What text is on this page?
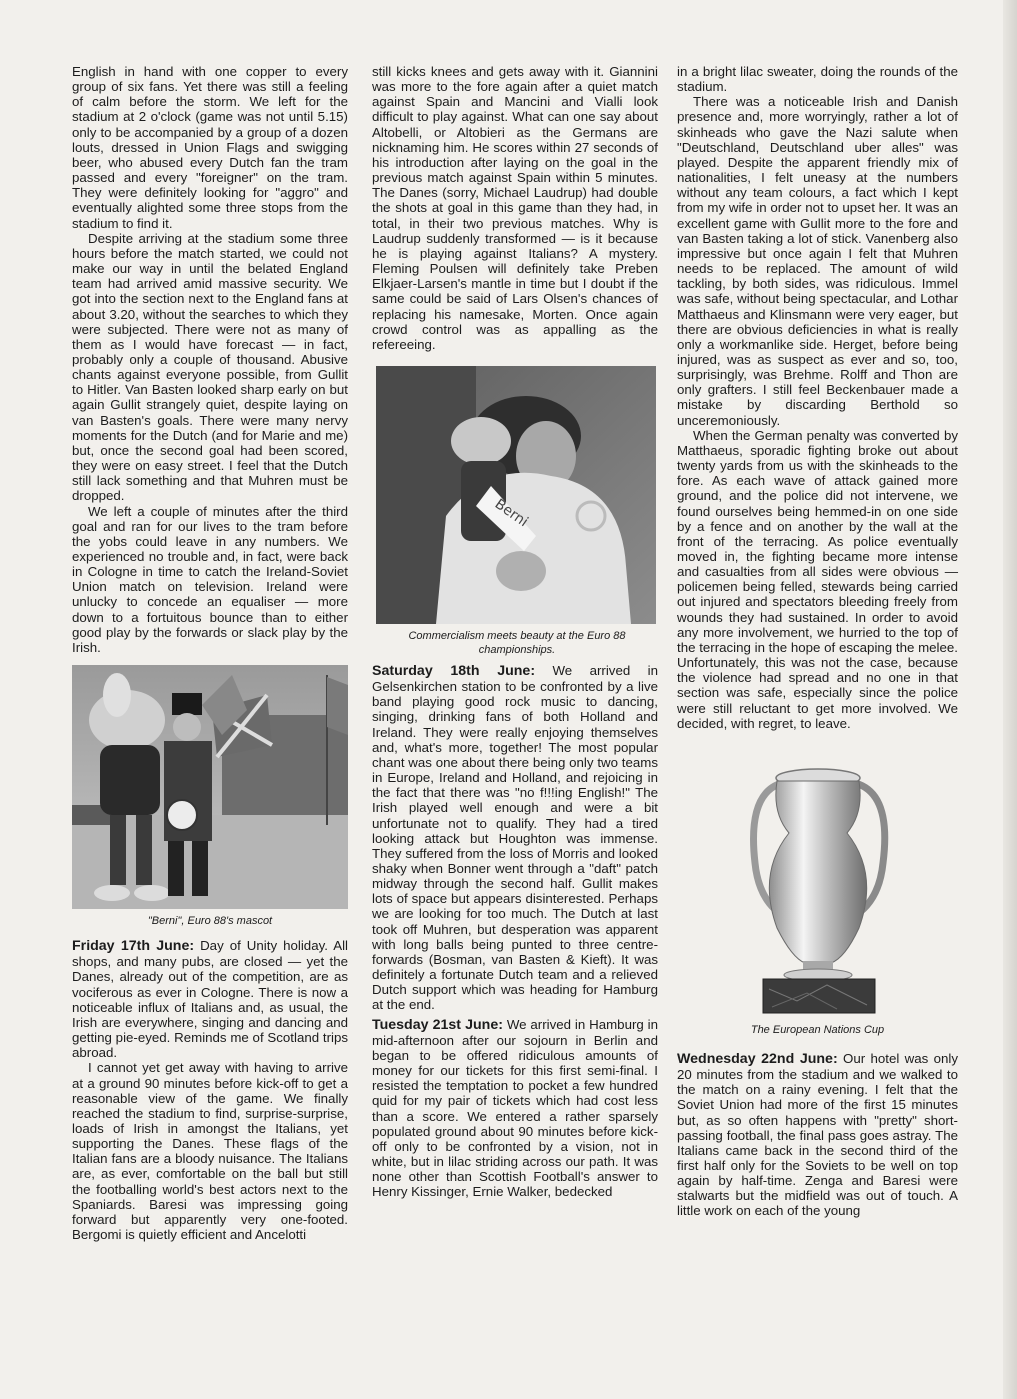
English in hand with one copper to every group of six fans. Yet there was still a feeling of calm before the storm. We left for the stadium at 2 o'clock (game was not until 5.15) only to be accompanied by a group of a dozen louts, dressed in Union Flags and swigging beer, who abused every Dutch fan the tram passed and every "foreigner" on the tram. They were definitely looking for "aggro" and eventually alighted some three stops from the stadium to find it.

Despite arriving at the stadium some three hours before the match started, we could not make our way in until the belated England team had arrived amid massive security. We got into the section next to the England fans at about 3.20, without the searches to which they were subjected. There were not as many of them as I would have forecast — in fact, probably only a couple of thousand. Abusive chants against everyone possible, from Gullit to Hitler. Van Basten looked sharp early on but again Gullit strangely quiet, despite laying on van Basten's goals. There were many nervy moments for the Dutch (and for Marie and me) but, once the second goal had been scored, they were on easy street. I feel that the Dutch still lack something and that Muhren must be dropped.

We left a couple of minutes after the third goal and ran for our lives to the tram before the yobs could leave in any numbers. We experienced no trouble and, in fact, were back in Cologne in time to catch the Ireland-Soviet Union match on television. Ireland were unlucky to concede an equaliser — more down to a fortuitous bounce than to either good play by the forwards or slack play by the Irish.

"Berni", Euro 88's mascot

Friday 17th June: Day of Unity holiday. All shops, and many pubs, are closed — yet the Danes, already out of the competition, are as vociferous as ever in Cologne. There is now a noticeable influx of Italians and, as usual, the Irish are everywhere, singing and dancing and getting pie-eyed. Reminds me of Scotland trips abroad.

I cannot yet get away with having to arrive at a ground 90 minutes before kick-off to get a reasonable view of the game. We finally reached the stadium to find, surprise-surprise, loads of Irish in amongst the Italians, yet supporting the Danes. These flags of the Italian fans are a bloody nuisance. The Italians are, as ever, comfortable on the ball but still the footballing world's best actors next to the Spaniards. Baresi was impressing going forward but apparently very one-footed. Bergomi is quietly efficient and Ancelotti

still kicks knees and gets away with it. Giannini was more to the fore again after a quiet match against Spain and Mancini and Vialli look difficult to play against. What can one say about Altobelli, or Altobieri as the Germans are nicknaming him. He scores within 27 seconds of his introduction after laying on the goal in the previous match against Spain within 5 minutes. The Danes (sorry, Michael Laudrup) had double the shots at goal in this game than they had, in total, in their two previous matches. Why is Laudrup suddenly transformed — is it because he is playing against Italians? A mystery. Fleming Poulsen will definitely take Preben Elkjaer-Larsen's mantle in time but I doubt if the same could be said of Lars Olsen's chances of replacing his namesake, Morten. Once again crowd control was as appalling as the refereeing.

Berni
Commercialism meets beauty at the Euro 88 championships.

Saturday 18th June: We arrived in Gelsenkirchen station to be confronted by a live band playing good rock music to dancing, singing, drinking fans of both Holland and Ireland. They were really enjoying themselves and, what's more, together! The most popular chant was one about there being only two teams in Europe, Ireland and Holland, and rejoicing in the fact that there was "no f!!!ing English!" The Irish played well enough and were a bit unfortunate not to qualify. They had a tired looking attack but Houghton was immense. They suffered from the loss of Morris and looked shaky when Bonner went through a "daft" patch midway through the second half. Gullit makes lots of space but appears disinterested. Perhaps we are looking for too much. The Dutch at last took off Muhren, but desperation was apparent with long balls being punted to three centre-forwards (Bosman, van Basten & Kieft). It was definitely a fortunate Dutch team and a relieved Dutch support which was heading for Hamburg at the end.

Tuesday 21st June: We arrived in Hamburg in mid-afternoon after our sojourn in Berlin and began to be offered ridiculous amounts of money for our tickets for this first semi-final. I resisted the temptation to pocket a few hundred quid for my pair of tickets which had cost less than a score. We entered a rather sparsely populated ground about 90 minutes before kick-off only to be confronted by a vision, not in white, but in lilac striding across our path. It was none other than Scottish Football's answer to Henry Kissinger, Ernie Walker, bedecked

in a bright lilac sweater, doing the rounds of the stadium.

There was a noticeable Irish and Danish presence and, more worryingly, rather a lot of skinheads who gave the Nazi salute when "Deutschland, Deutschland uber alles" was played. Despite the apparent friendly mix of nationalities, I felt uneasy at the numbers without any team colours, a fact which I kept from my wife in order not to upset her. It was an excellent game with Gullit more to the fore and van Basten taking a lot of stick. Vanenberg also impressive but once again I felt that Muhren needs to be replaced. The amount of wild tackling, by both sides, was ridiculous. Immel was safe, without being spectacular, and Lothar Matthaeus and Klinsmann were very eager, but there are obvious deficiencies in what is really only a workmanlike side. Herget, before being injured, was as suspect as ever and so, too, surprisingly, was Brehme. Rolff and Thon are only grafters. I still feel Beckenbauer made a mistake by discarding Berthold so unceremoniously.

When the German penalty was converted by Matthaeus, sporadic fighting broke out about twenty yards from us with the skinheads to the fore. As each wave of attack gained more ground, and the police did not intervene, we found ourselves being hemmed-in on one side by a fence and on another by the wall at the front of the terracing. As police eventually moved in, the fighting became more intense and casualties from all sides were obvious — policemen being felled, stewards being carried out injured and spectators bleeding freely from wounds they had sustained. In order to avoid any more involvement, we hurried to the top of the terracing in the hope of escaping the melee. Unfortunately, this was not the case, because the violence had spread and no one in that section was safe, especially since the police were still reluctant to get more involved. We decided, with regret, to leave.

The European Nations Cup

Wednesday 22nd June: Our hotel was only 20 minutes from the stadium and we walked to the match on a rainy evening. I felt that the Soviet Union had more of the first 15 minutes but, as so often happens with "pretty" short-passing football, the final pass goes astray. The Italians came back in the second third of the first half only for the Soviets to be well on top again by half-time. Zenga and Baresi were stalwarts but the midfield was out of touch. A little work on each of the young
